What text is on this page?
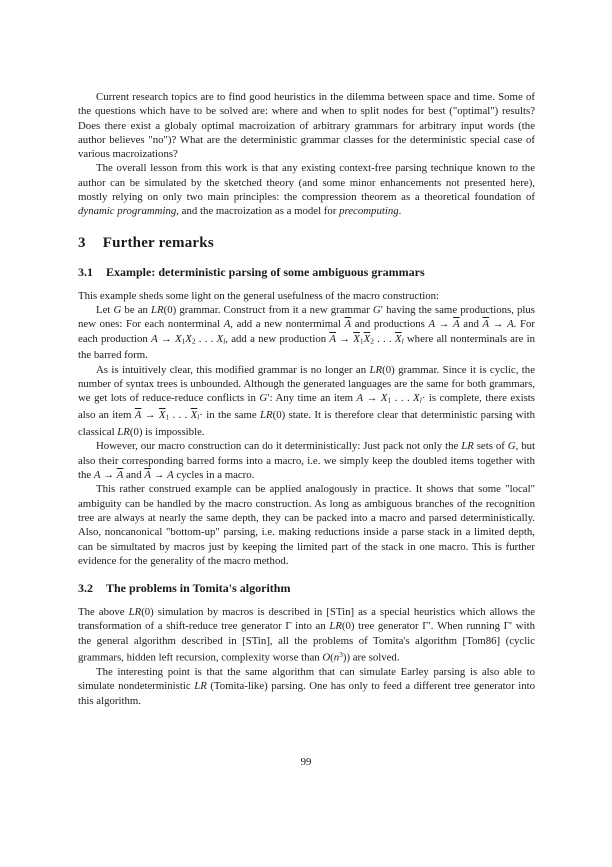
Current research topics are to find good heuristics in the dilemma between space and time. Some of the questions which have to be solved are: where and when to split nodes for best ("optimal") results? Does there exist a globaly optimal macroization of arbitrary grammars for arbitrary input words (the author believes "no")? What are the deterministic grammar classes for the deterministic special case of various macroizations?

The overall lesson from this work is that any existing context-free parsing technique known to the author can be simulated by the sketched theory (and some minor enhancements not presented here), mostly relying on only two main principles: the compression theorem as a theoretical foundation of dynamic programming, and the macroization as a model for precomputing.

3 Further remarks
3.1 Example: deterministic parsing of some ambiguous grammars

This example sheds some light on the general usefulness of the macro construction:

Let G be an LR(0) grammar. Construct from it a new grammar G′ having the same productions, plus new ones: For each nonterminal A, add a new nontermimal $\overline{A}$ and productions $A \to \overline{A}$ and $\overline{A} \to A$. For each production A → X1X2 . . . Xl, add a new production $\overline{A} \to \overline{X}1\overline{X}2$ . . . $\overline{X}l$ where all nonterminals are in the barred form.

As is intuitively clear, this modified grammar is no longer an LR(0) grammar. Since it is cyclic, the number of syntax trees is unbounded. Although the generated languages are the same for both grammars, we get lots of reduce-reduce conflicts in G′: Any time an item A → X1 . . . Xl· is complete, there exists also an item $\overline{A} \to \overline{X}1$ . . . $\overline{X}l\cdot$ in the same LR(0) state. It is therefore clear that deterministic parsing with classical LR(0) is impossible.

However, our macro construction can do it deterministically: Just pack not only the LR sets of G, but also their corresponding barred forms into a macro, i.e. we simply keep the doubled items together with the $A \to \overline{A}$ and $\overline{A} \to A$ cycles in a macro.

This rather construed example can be applied analogously in practice. It shows that some "local" ambiguity can be handled by the macro construction. As long as ambiguous branches of the recognition tree are always at nearly the same depth, they can be packed into a macro and parsed deterministically. Also, noncanonical "bottom-up" parsing, i.e. making reductions inside a parse stack in a limited depth, can be simultated by macros just by keeping the limited part of the stack in one macro. This is further evidence for the generality of the macro method.

3.2 The problems in Tomita's algorithm

The above LR(0) simulation by macros is described in [STin] as a special heuristics which allows the transformation of a shift-reduce tree generator Γ into an LR(0) tree generator Γ′. When running Γ′ with the general algorithm described in [STin], all the problems of Tomita's algorithm [Tom86] (cyclic grammars, hidden left recursion, complexity worse than $O(n^3)$) are solved.

The interesting point is that the same algorithm that can simulate Earley parsing is also able to simulate nondeterministic LR (Tomita-like) parsing. One has only to feed a different tree generator into this algorithm.

99
